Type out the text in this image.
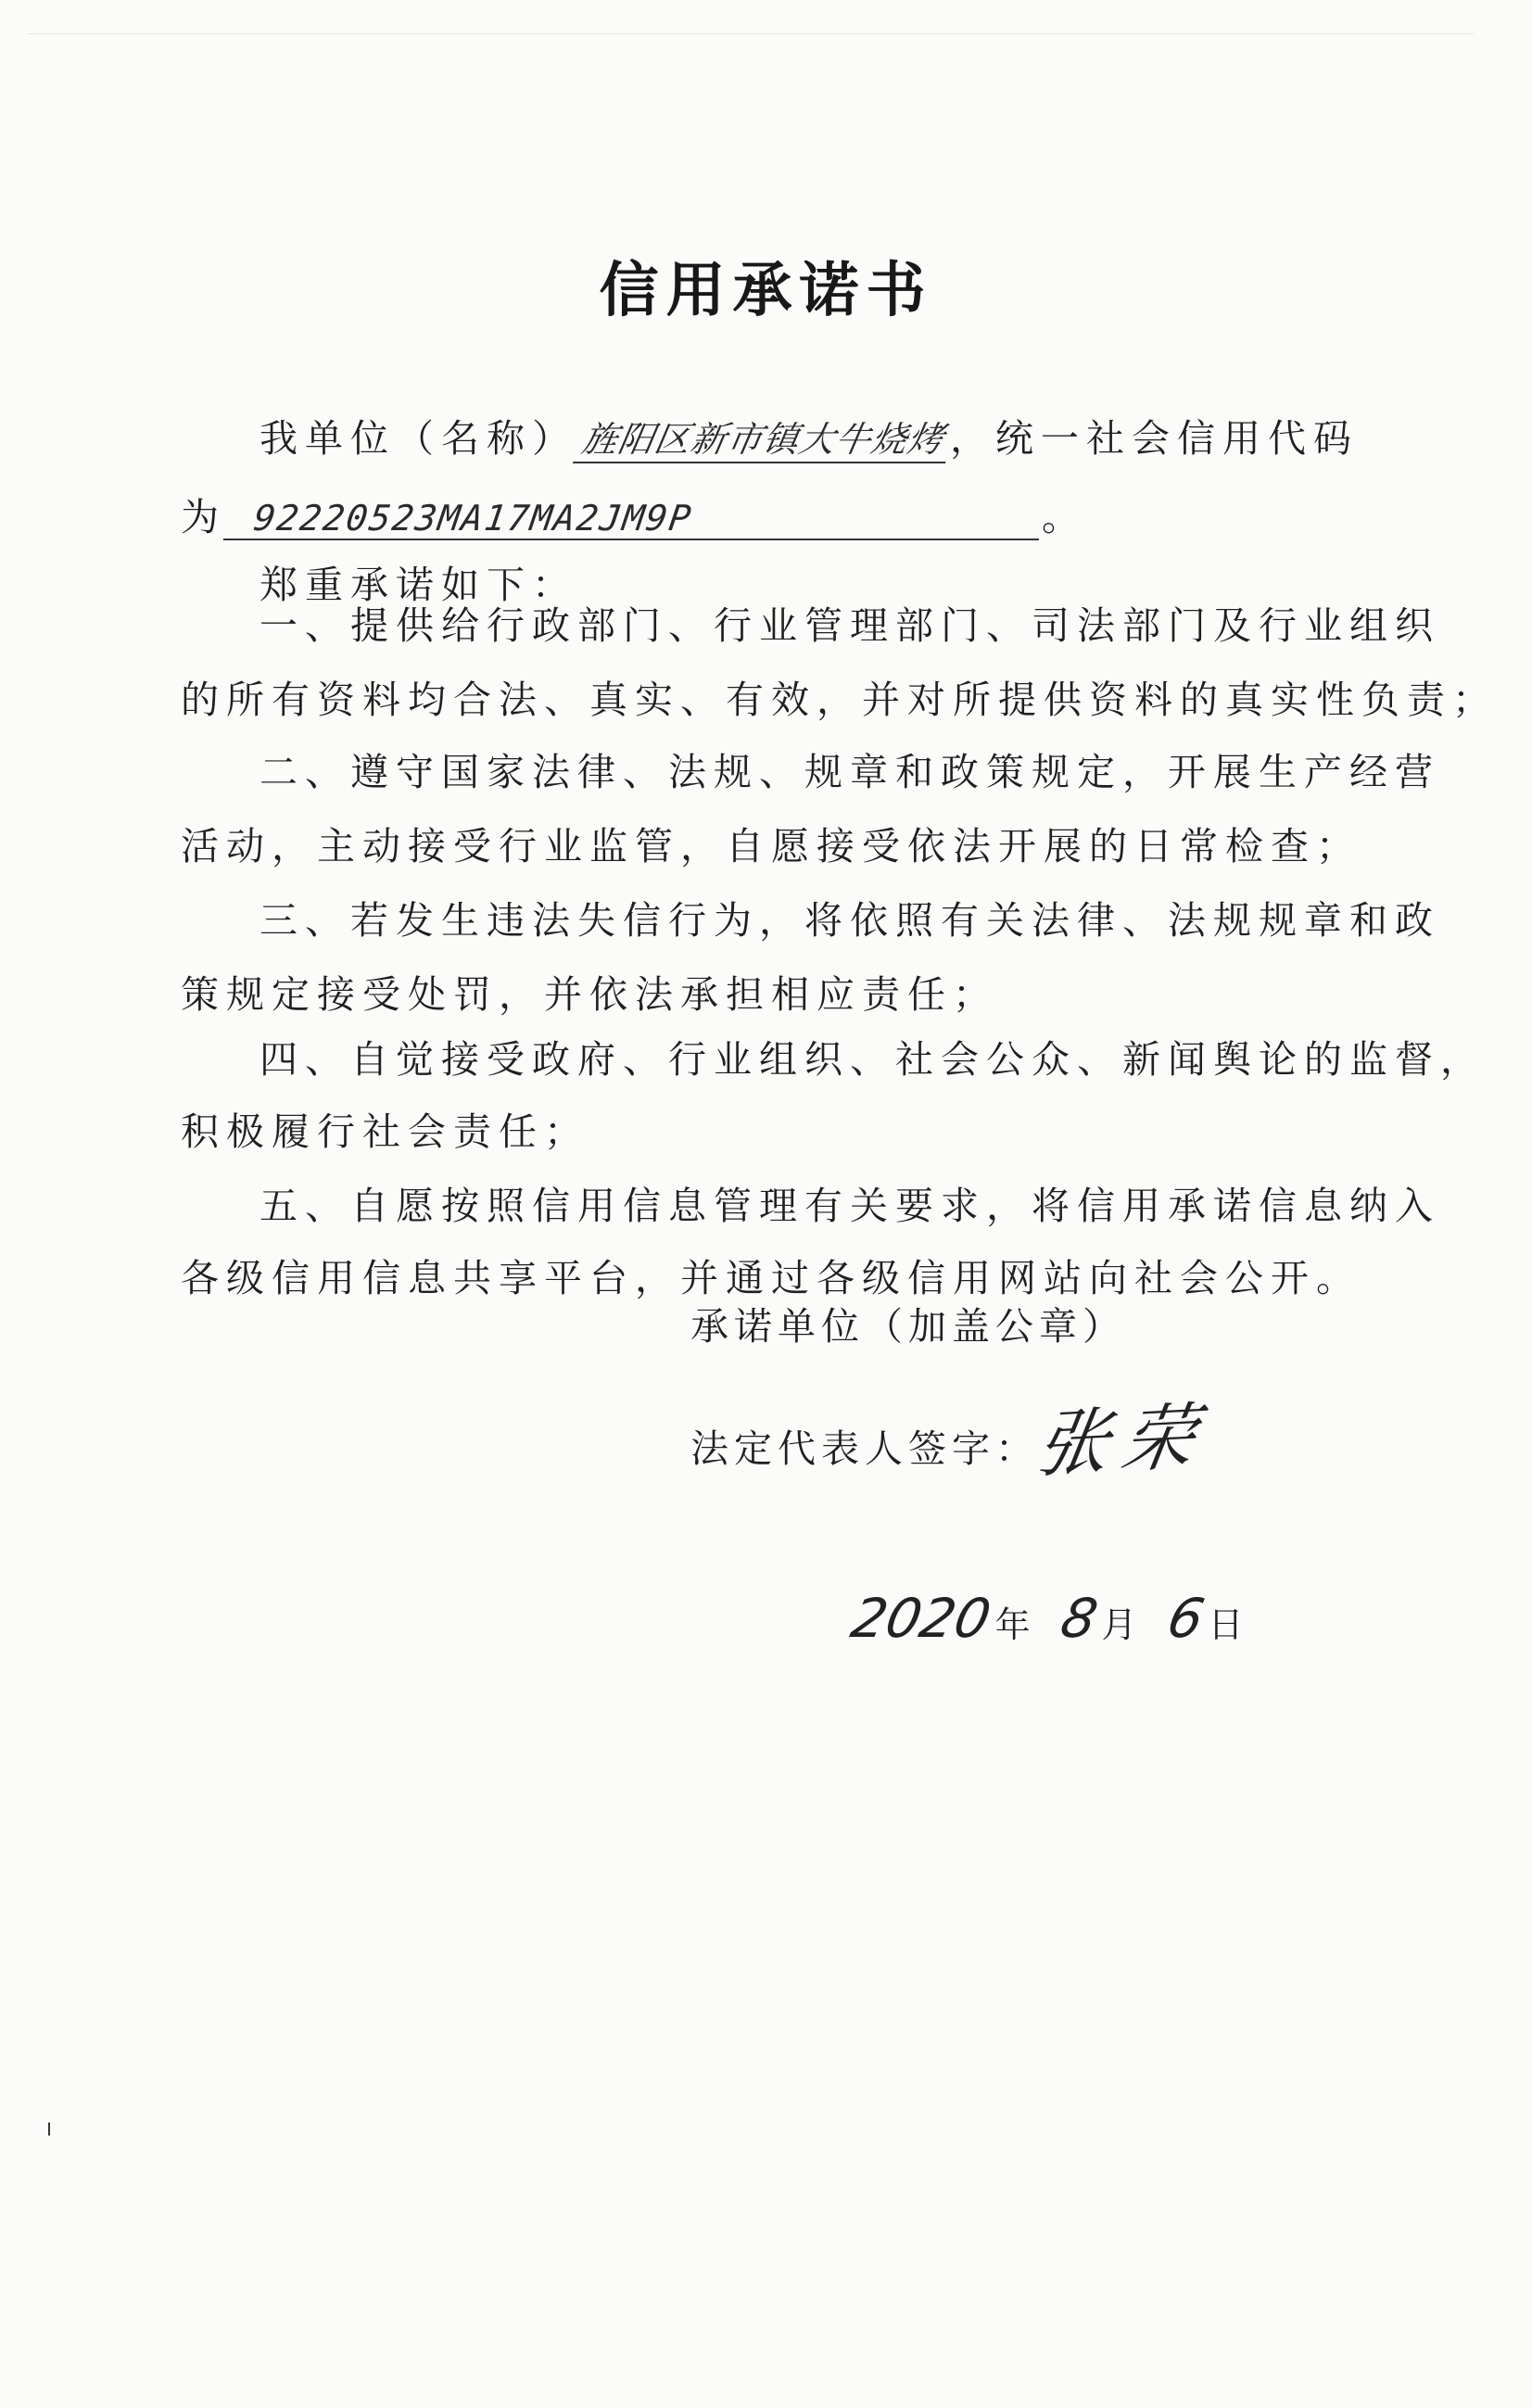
信用承诺书
我单位（名称）旌阳区新市镇大牛烧烤，统一社会信用代码
为 92220523MA17MA2JM9P	。
郑重承诺如下：
一、提供给行政部门、行业管理部门、司法部门及行业组织
的所有资料均合法、真实、有效，并对所提供资料的真实性负责；
二、遵守国家法律、法规、规章和政策规定，开展生产经营
活动，主动接受行业监管，自愿接受依法开展的日常检查；
三、若发生违法失信行为，将依照有关法律、法规规章和政
策规定接受处罚，并依法承担相应责任；
四、自觉接受政府、行业组织、社会公众、新闻舆论的监督，
积极履行社会责任；
五、自愿按照信用信息管理有关要求，将信用承诺信息纳入
各级信用信息共享平台，并通过各级信用网站向社会公开。
承诺单位（加盖公章）
法定代表人签字：
张荣
2020年 8月 6日
